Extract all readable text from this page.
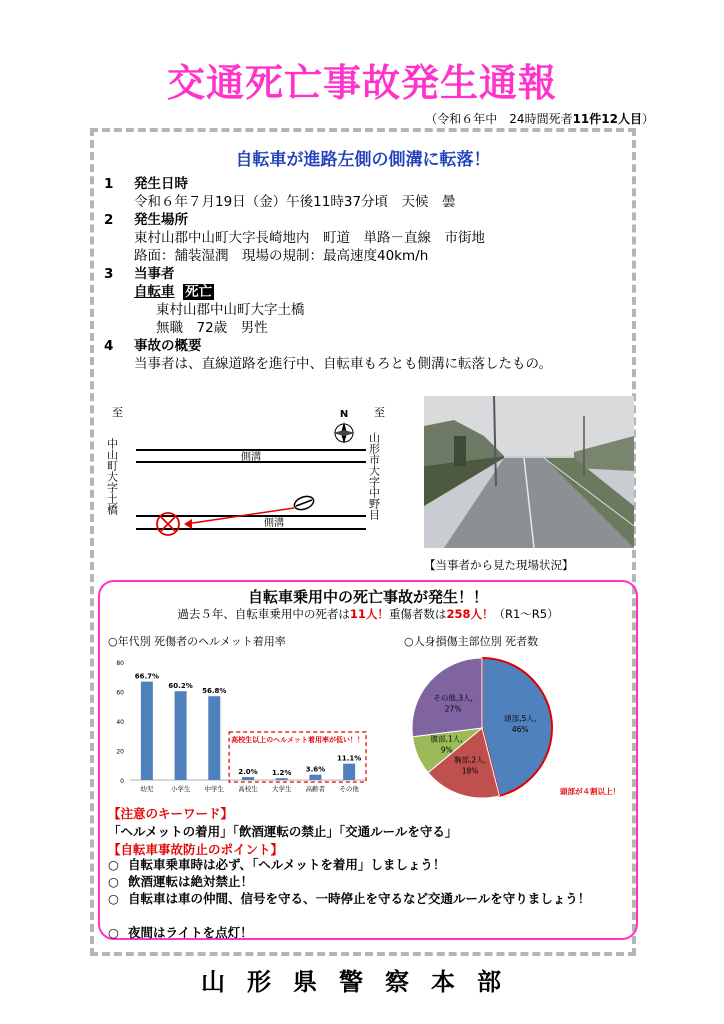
交通死亡事故発生通報
（令和６年中　24時間死者11件12人目）
自転車が進路左側の側溝に転落！
1 発生日時
令和６年７月19日（金）午後11時37分頃　天候　曇
2 発生場所
東村山郡中山町大字長崎地内　町道　単路－直線　市街地
路面：舗装湿潤　現場の規制：最高速度40km/h
3 当事者
自転車 死亡
東村山郡中山町大字土橋
無職　72歳　男性
4 事故の概要
当事者は、直線道路を進行中、自転車もろとも側溝に転落したもの。
至
中山町大字土橋
至
山形市大字中野目
N
側溝
側溝
【当事者から見た現場状況】
自転車乗用中の死亡事故が発生！！
過去５年、自転車乗用中の死者は11人！重傷者数は258人！（R1～R5）
○年代別 死傷者のヘルメット着用率	○人身損傷主部位別 死者数
0
20
40
60
80
高校生以上のヘルメット着用率が低い！！
66.7%
幼児
60.2%
小学生
56.8%
中学生
2.0%
高校生
1.2%
大学生
3.6%
高齢者
11.1%
その他
頭部,5人,
46%
胸部,2人,
18%
腹部,1人,
9%
その他,3人,
27%
頭部が４割以上！
【注意のキーワード】
「ヘルメットの着用」「飲酒運転の禁止」「交通ルールを守る」
【自転車事故防止のポイント】
○ 自転車乗車時は必ず、「ヘルメットを着用」しましょう！
○ 飲酒運転は絶対禁止！
○ 自転車は車の仲間、信号を守る、一時停止を守るなど交通ルールを守りましょう！
○ 夜間はライトを点灯！
山形県警察本部
